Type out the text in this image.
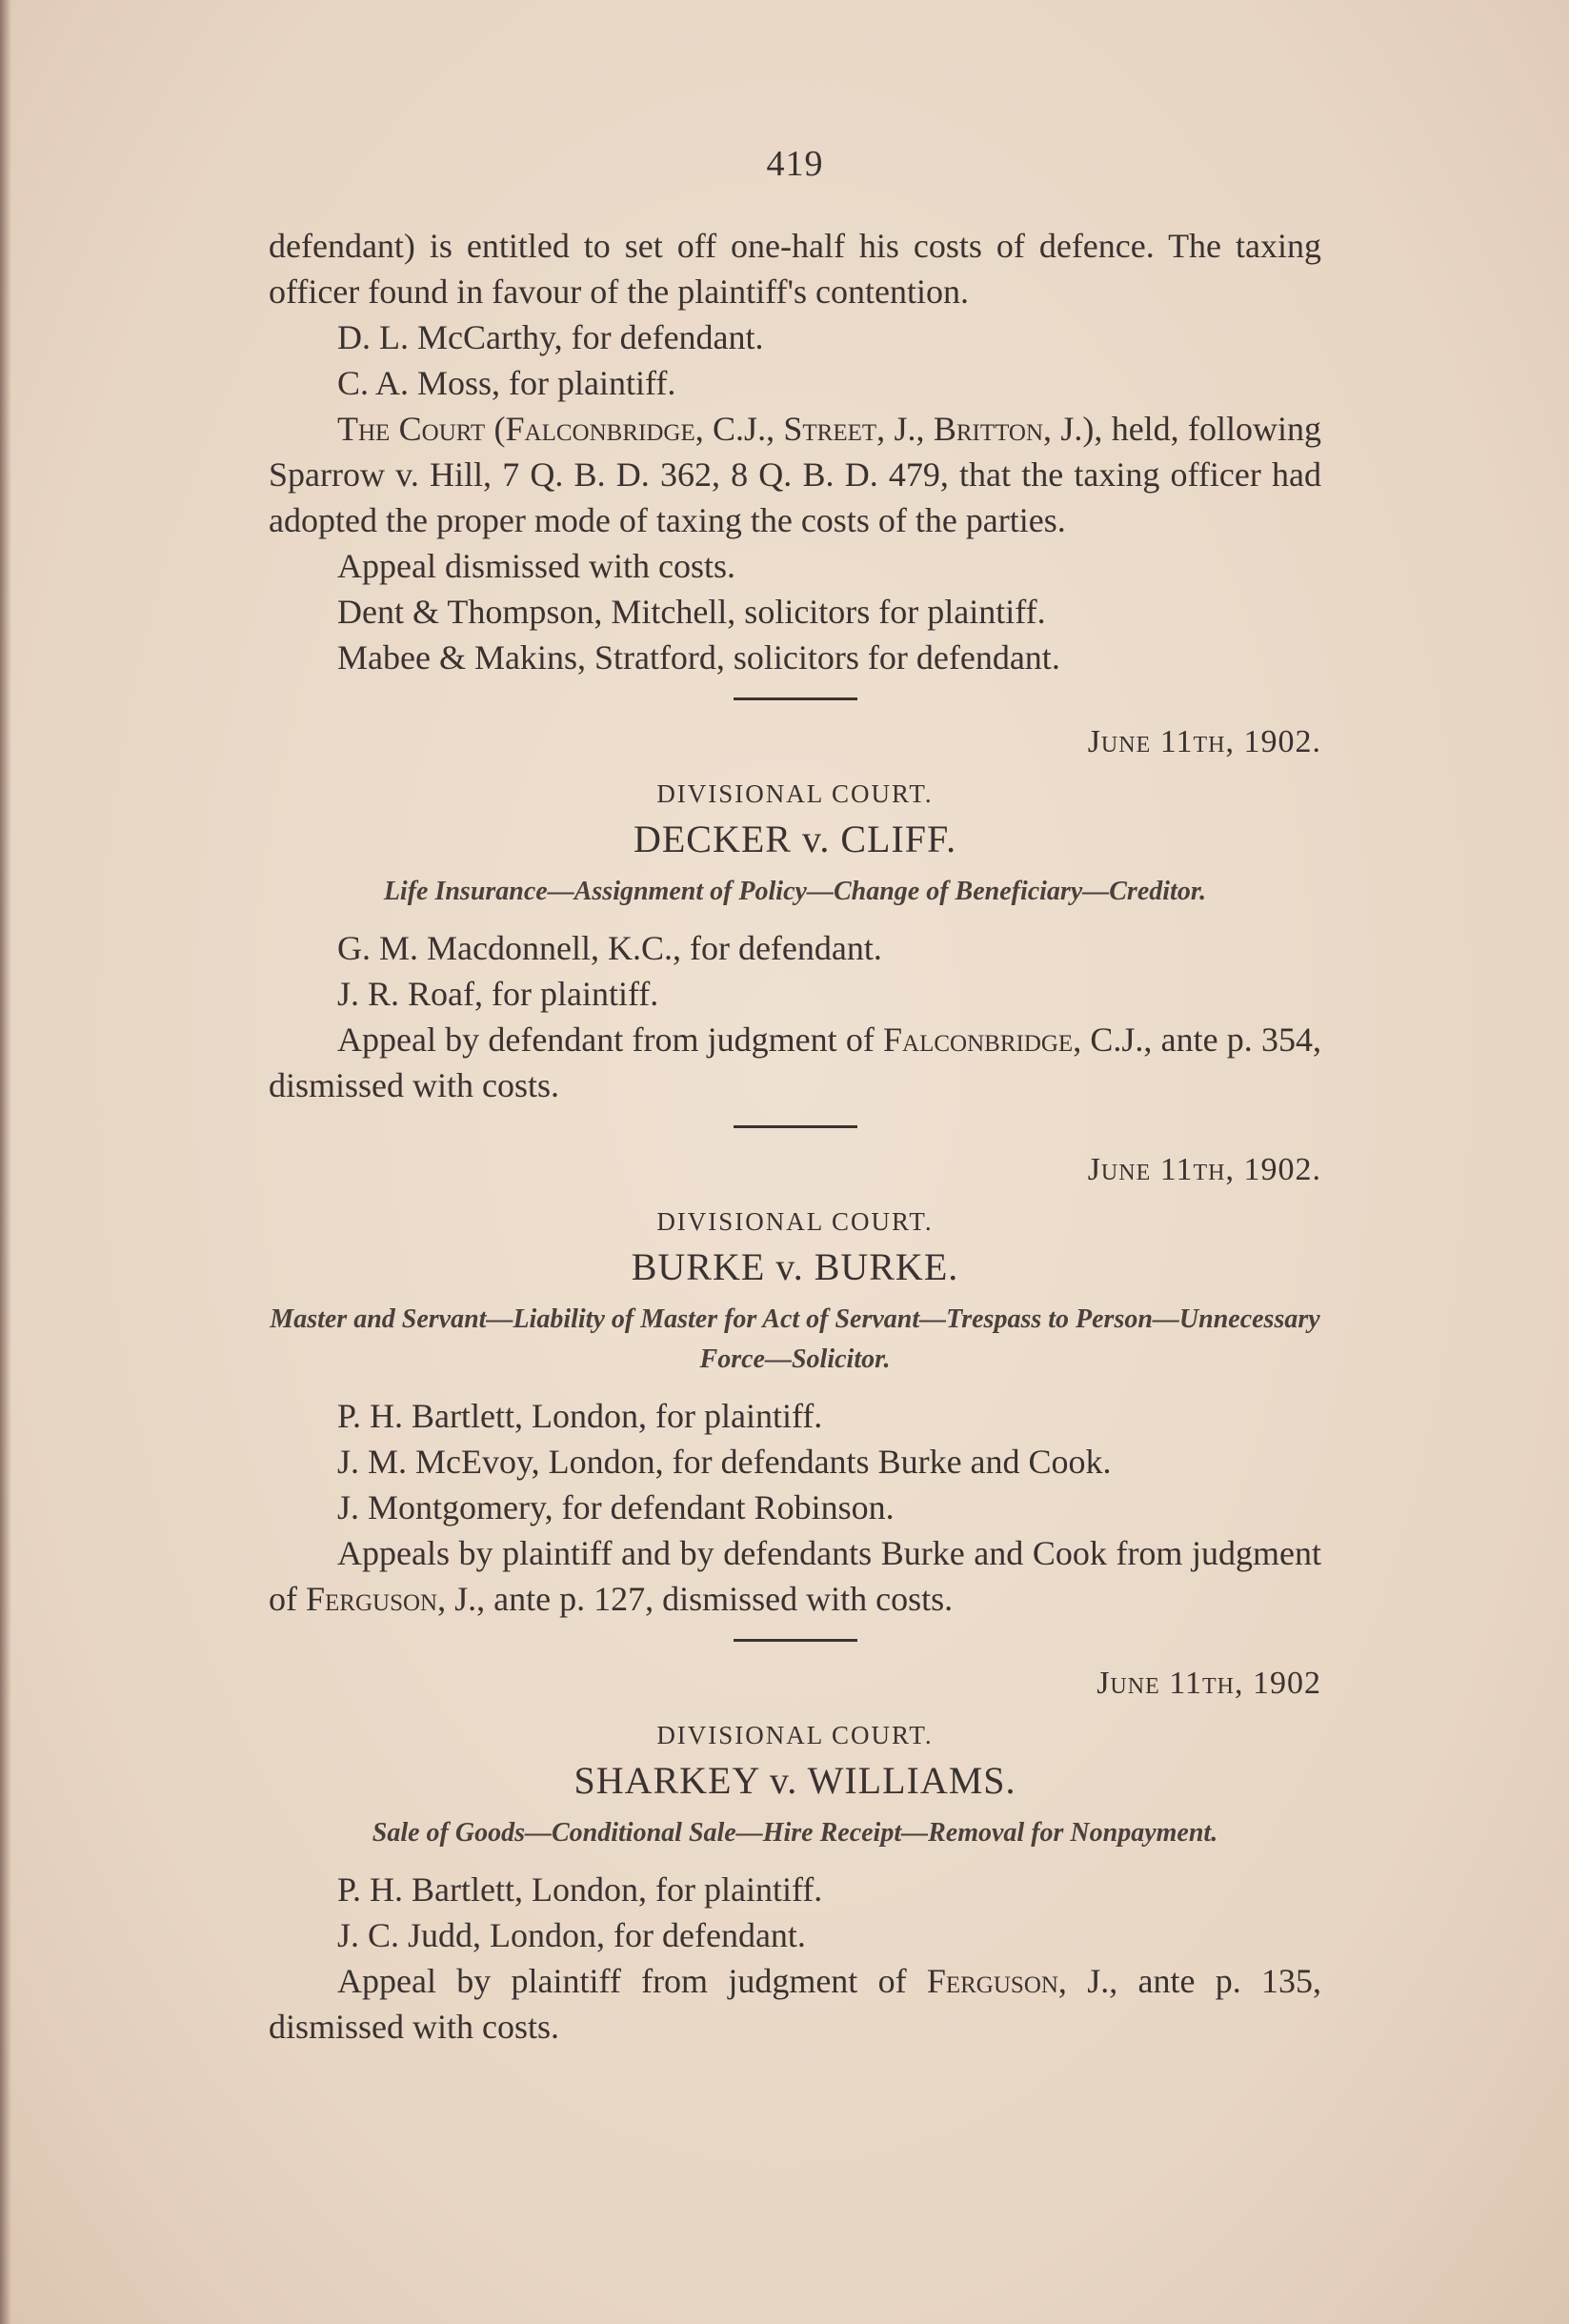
419

defendant) is entitled to set off one-half his costs of defence. The taxing officer found in favour of the plaintiff's contention.

D. L. McCarthy, for defendant.

C. A. Moss, for plaintiff.

The Court (Falconbridge, C.J., Street, J., Britton, J.), held, following Sparrow v. Hill, 7 Q. B. D. 362, 8 Q. B. D. 479, that the taxing officer had adopted the proper mode of taxing the costs of the parties.

Appeal dismissed with costs.

Dent & Thompson, Mitchell, solicitors for plaintiff.

Mabee & Makins, Stratford, solicitors for defendant.

June 11th, 1902.
DIVISIONAL COURT.
DECKER v. CLIFF.
Life Insurance—Assignment of Policy—Change of Beneficiary—Creditor.

G. M. Macdonnell, K.C., for defendant.

J. R. Roaf, for plaintiff.

Appeal by defendant from judgment of Falconbridge, C.J., ante p. 354, dismissed with costs.

June 11th, 1902.
DIVISIONAL COURT.
BURKE v. BURKE.
Master and Servant—Liability of Master for Act of Servant—Trespass to Person—Unnecessary Force—Solicitor.

P. H. Bartlett, London, for plaintiff.

J. M. McEvoy, London, for defendants Burke and Cook.

J. Montgomery, for defendant Robinson.

Appeals by plaintiff and by defendants Burke and Cook from judgment of Ferguson, J., ante p. 127, dismissed with costs.

June 11th, 1902
DIVISIONAL COURT.
SHARKEY v. WILLIAMS.
Sale of Goods—Conditional Sale—Hire Receipt—Removal for Nonpayment.

P. H. Bartlett, London, for plaintiff.

J. C. Judd, London, for defendant.

Appeal by plaintiff from judgment of Ferguson, J., ante p. 135, dismissed with costs.
